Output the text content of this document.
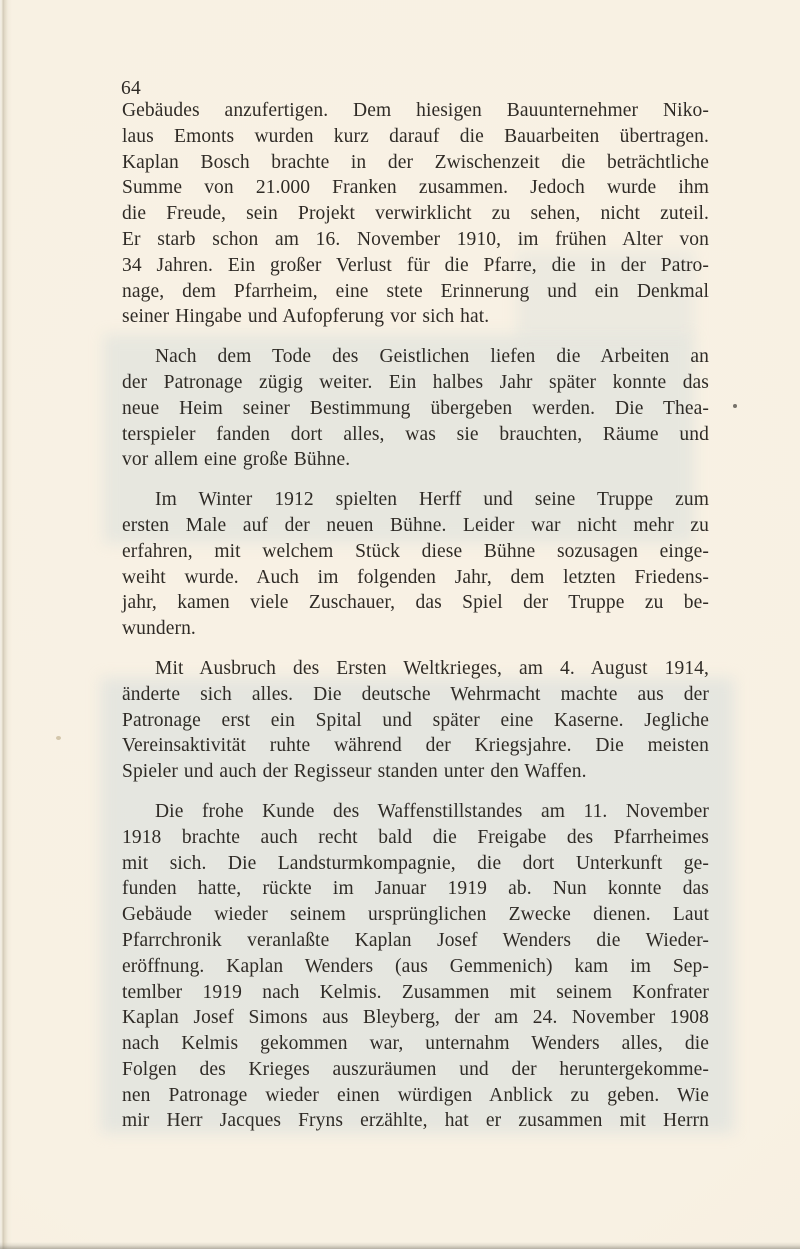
64
Gebäudes anzufertigen. Dem hiesigen Bauunternehmer Niko-
laus Emonts wurden kurz darauf die Bauarbeiten übertragen.
Kaplan Bosch brachte in der Zwischenzeit die beträchtliche
Summe von 21.000 Franken zusammen. Jedoch wurde ihm
die Freude, sein Projekt verwirklicht zu sehen, nicht zuteil.
Er starb schon am 16. November 1910, im frühen Alter von
34 Jahren. Ein großer Verlust für die Pfarre, die in der Patro-
nage, dem Pfarrheim, eine stete Erinnerung und ein Denkmal
seiner Hingabe und Aufopferung vor sich hat.
Nach dem Tode des Geistlichen liefen die Arbeiten an
der Patronage zügig weiter. Ein halbes Jahr später konnte das
neue Heim seiner Bestimmung übergeben werden. Die Thea-
terspieler fanden dort alles, was sie brauchten, Räume und
vor allem eine große Bühne.
Im Winter 1912 spielten Herff und seine Truppe zum
ersten Male auf der neuen Bühne. Leider war nicht mehr zu
erfahren, mit welchem Stück diese Bühne sozusagen einge-
weiht wurde. Auch im folgenden Jahr, dem letzten Friedens-
jahr, kamen viele Zuschauer, das Spiel der Truppe zu be-
wundern.
Mit Ausbruch des Ersten Weltkrieges, am 4. August 1914,
änderte sich alles. Die deutsche Wehrmacht machte aus der
Patronage erst ein Spital und später eine Kaserne. Jegliche
Vereinsaktivität ruhte während der Kriegsjahre. Die meisten
Spieler und auch der Regisseur standen unter den Waffen.
Die frohe Kunde des Waffenstillstandes am 11. November
1918 brachte auch recht bald die Freigabe des Pfarrheimes
mit sich. Die Landsturmkompagnie, die dort Unterkunft ge-
funden hatte, rückte im Januar 1919 ab. Nun konnte das
Gebäude wieder seinem ursprünglichen Zwecke dienen. Laut
Pfarrchronik veranlaßte Kaplan Josef Wenders die Wieder-
eröffnung. Kaplan Wenders (aus Gemmenich) kam im Sep-
temlber 1919 nach Kelmis. Zusammen mit seinem Konfrater
Kaplan Josef Simons aus Bleyberg, der am 24. November 1908
nach Kelmis gekommen war, unternahm Wenders alles, die
Folgen des Krieges auszuräumen und der heruntergekomme-
nen Patronage wieder einen würdigen Anblick zu geben. Wie
mir Herr Jacques Fryns erzählte, hat er zusammen mit Herrn
